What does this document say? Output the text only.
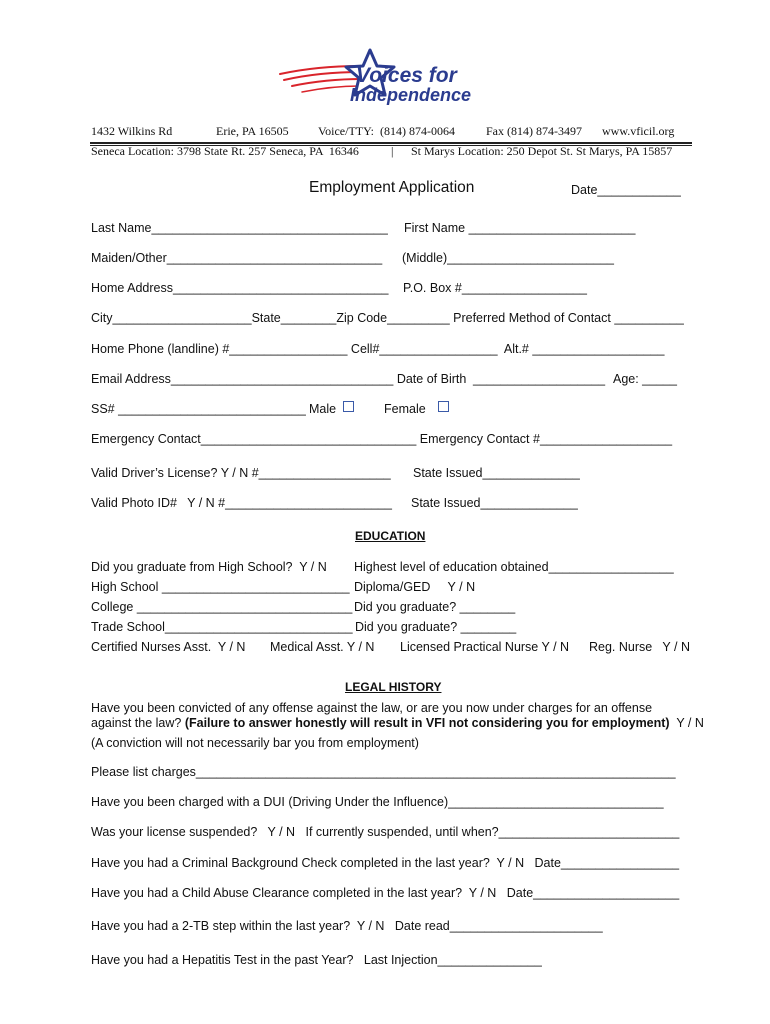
Voices for
Independence
1432 Wilkins Rd	Erie, PA 16505 Voice/TTY:  (814) 874-0064	Fax (814) 874-3497 www.vficil.org
Seneca Location: 3798 State Rt. 257 Seneca, PA  16346	| St Marys Location: 250 Depot St. St Marys, PA 15857
Employment Application	Date____________
Last Name__________________________________ First Name ________________________
Maiden/Other_______________________________ (Middle)________________________
Home Address_______________________________ P.O. Box #__________________
City____________________State________Zip Code_________ Preferred Method of Contact __________
Home Phone (landline) #_________________ Cell#_________________  Alt.# ___________________
Email Address________________________________ Date of Birth ___________________ Age: _____
SS# ___________________________ Male	Female
Emergency Contact_______________________________ Emergency Contact #___________________
Valid Driver’s License? Y / N #___________________ State Issued______________
Valid Photo ID#   Y / N #________________________ State Issued______________
EDUCATION
Did you graduate from High School?  Y / N Highest level of education obtained__________________
High School ___________________________ Diploma/GED     Y / N
College _______________________________ Did you graduate? ________
Trade School___________________________ Did you graduate? ________
Certified Nurses Asst.  Y / N Medical Asst. Y / N Licensed Practical Nurse Y / N Reg. Nurse   Y / N
LEGAL HISTORY
Have you been convicted of any offense against the law, or are you now under charges for an offense
against the law? (Failure to answer honestly will result in VFI not considering you for employment)  Y / N
(A conviction will not necessarily bar you from employment)
Please list charges_____________________________________________________________________
Have you been charged with a DUI (Driving Under the Influence)_______________________________
Was your license suspended?   Y / N   If currently suspended, until when?__________________________
Have you had a Criminal Background Check completed in the last year?  Y / N   Date_________________
Have you had a Child Abuse Clearance completed in the last year?  Y / N   Date_____________________
Have you had a 2-TB step within the last year?  Y / N   Date read______________________
Have you had a Hepatitis Test in the past Year?   Last Injection_______________
